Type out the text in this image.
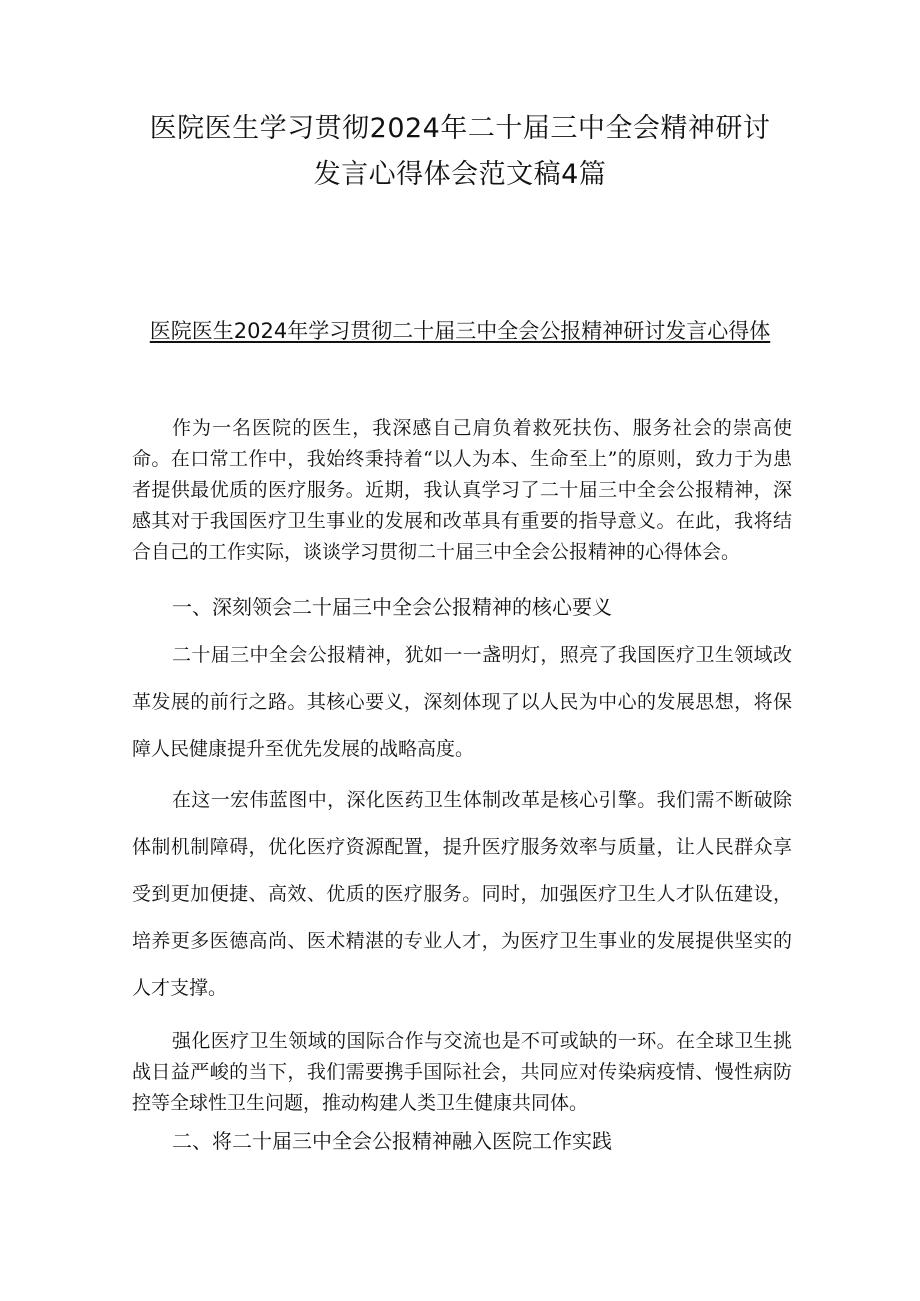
医院医生学习贯彻2024年二十届三中全会精神研讨
发言心得体会范文稿4篇
医院医生2024年学习贯彻二十届三中全会公报精神研讨发言心得体

作为一名医院的医生，我深感自己肩负着救死扶伤、服务社会的崇高使命。在口常工作中，我始终秉持着“以人为本、生命至上”的原则，致力于为患者提供最优质的医疗服务。近期，我认真学习了二十届三中全会公报精神，深感其对于我国医疗卫生事业的发展和改革具有重要的指导意义。在此，我将结合自己的工作实际，谈谈学习贯彻二十届三中全会公报精神的心得体会。

一、深刻领会二十届三中全会公报精神的核心要义

二十届三中全会公报精神，犹如一一盏明灯，照亮了我国医疗卫生领域改革发展的前行之路。其核心要义，深刻体现了以人民为中心的发展思想，将保障人民健康提升至优先发展的战略高度。

在这一宏伟蓝图中，深化医药卫生体制改革是核心引擎。我们需不断破除体制机制障碍，优化医疗资源配置，提升医疗服务效率与质量，让人民群众享受到更加便捷、高效、优质的医疗服务。同时，加强医疗卫生人才队伍建设，培养更多医德高尚、医术精湛的专业人才，为医疗卫生事业的发展提供坚实的人才支撑。

强化医疗卫生领域的国际合作与交流也是不可或缺的一环。在全球卫生挑战日益严峻的当下，我们需要携手国际社会，共同应对传染病疫情、慢性病防控等全球性卫生问题，推动构建人类卫生健康共同体。

二、将二十届三中全会公报精神融入医院工作实践
